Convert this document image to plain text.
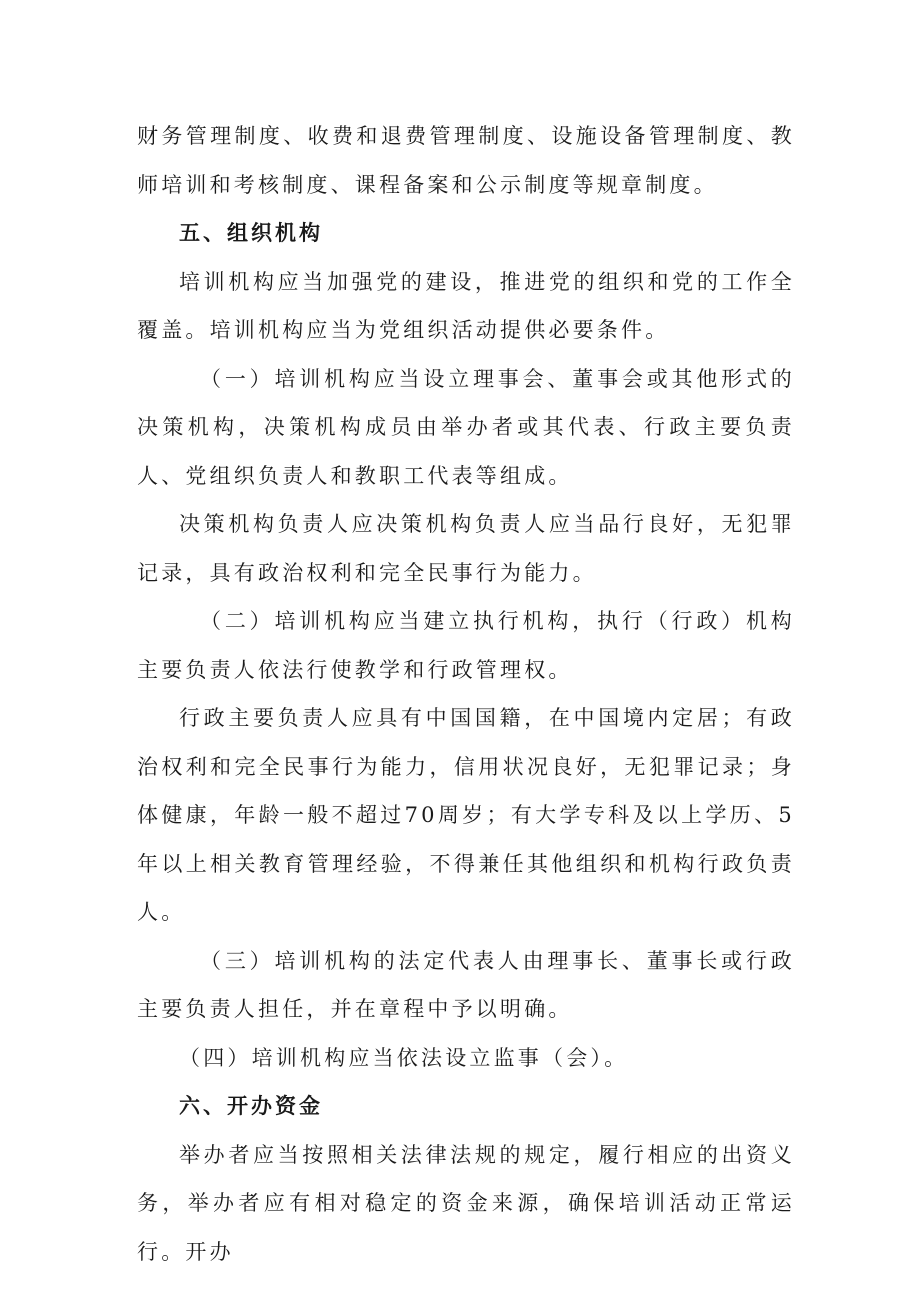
财务管理制度、收费和退费管理制度、设施设备管理制度、教师培训和考核制度、课程备案和公示制度等规章制度。

五、组织机构

培训机构应当加强党的建设，推进党的组织和党的工作全覆盖。培训机构应当为党组织活动提供必要条件。

（一）培训机构应当设立理事会、董事会或其他形式的决策机构，决策机构成员由举办者或其代表、行政主要负责人、党组织负责人和教职工代表等组成。

决策机构负责人应决策机构负责人应当品行良好，无犯罪记录，具有政治权利和完全民事行为能力。

（二）培训机构应当建立执行机构，执行（行政）机构主要负责人依法行使教学和行政管理权。

行政主要负责人应具有中国国籍，在中国境内定居；有政治权利和完全民事行为能力，信用状况良好，无犯罪记录；身体健康，年龄一般不超过70周岁；有大学专科及以上学历、5年以上相关教育管理经验，不得兼任其他组织和机构行政负责人。

（三）培训机构的法定代表人由理事长、董事长或行政主要负责人担任，并在章程中予以明确。

（四）培训机构应当依法设立监事（会）。

六、开办资金

举办者应当按照相关法律法规的规定，履行相应的出资义务，举办者应有相对稳定的资金来源，确保培训活动正常运行。开办
